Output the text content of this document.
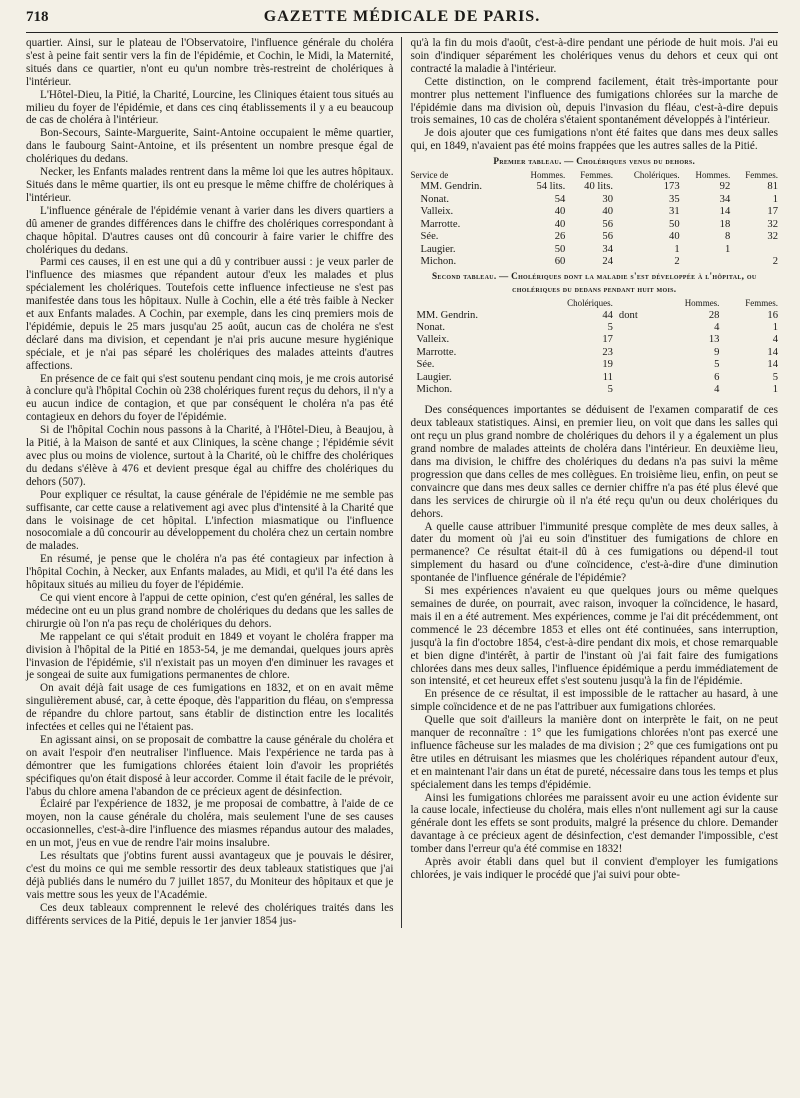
718	GAZETTE MÉDICALE DE PARIS.

quartier. Ainsi, sur le plateau de l'Observatoire, l'influence générale du choléra s'est à peine fait sentir vers la fin de l'épidémie, et Cochin, le Midi, la Maternité, situés dans ce quartier, n'ont eu qu'un nombre très-restreint de cholériques à l'intérieur.

L'Hôtel-Dieu, la Pitié, la Charité, Lourcine, les Cliniques étaient tous situés au milieu du foyer de l'épidémie, et dans ces cinq établissements il y a eu beaucoup de cas de choléra à l'intérieur.

Bon-Secours, Sainte-Marguerite, Saint-Antoine occupaient le même quartier, dans le faubourg Saint-Antoine, et ils présentent un nombre presque égal de cholériques du dedans.

Necker, les Enfants malades rentrent dans la même loi que les autres hôpitaux. Situés dans le même quartier, ils ont eu presque le même chiffre de cholériques à l'intérieur.

L'influence générale de l'épidémie venant à varier dans les divers quartiers a dû amener de grandes différences dans le chiffre des cholériques correspondant à chaque hôpital. D'autres causes ont dû concourir à faire varier le chiffre des cholériques du dedans.

Parmi ces causes, il en est une qui a dû y contribuer aussi : je veux parler de l'influence des miasmes que répandent autour d'eux les malades et plus spécialement les cholériques. Toutefois cette influence infectieuse ne s'est pas manifestée dans tous les hôpitaux. Nulle à Cochin, elle a été très faible à Necker et aux Enfants malades. A Cochin, par exemple, dans les cinq premiers mois de l'épidémie, depuis le 25 mars jusqu'au 25 août, aucun cas de choléra ne s'est déclaré dans ma division, et cependant je n'ai pris aucune mesure hygiénique spéciale, et je n'ai pas séparé les cholériques des malades atteints d'autres affections.

En présence de ce fait qui s'est soutenu pendant cinq mois, je me crois autorisé à conclure qu'à l'hôpital Cochin où 238 cholériques furent reçus du dehors, il n'y a eu aucun indice de contagion, et que par conséquent le choléra n'a pas été contagieux en dehors du foyer de l'épidémie.

Si de l'hôpital Cochin nous passons à la Charité, à l'Hôtel-Dieu, à Beaujou, à la Pitié, à la Maison de santé et aux Cliniques, la scène change ; l'épidémie sévit avec plus ou moins de violence, surtout à la Charité, où le chiffre des cholériques du dedans s'élève à 476 et devient presque égal au chiffre des cholériques du dehors (507).

Pour expliquer ce résultat, la cause générale de l'épidémie ne me semble pas suffisante, car cette cause a relativement agi avec plus d'intensité à la Charité que dans le voisinage de cet hôpital. L'infection miasmatique ou l'influence nosocomiale a dû concourir au développement du choléra chez un certain nombre de malades.

En résumé, je pense que le choléra n'a pas été contagieux par infection à l'hôpital Cochin, à Necker, aux Enfants malades, au Midi, et qu'il l'a été dans les hôpitaux situés au milieu du foyer de l'épidémie.

Ce qui vient encore à l'appui de cette opinion, c'est qu'en général, les salles de médecine ont eu un plus grand nombre de cholériques du dedans que les salles de chirurgie où l'on n'a pas reçu de cholériques du dehors.

Me rappelant ce qui s'était produit en 1849 et voyant le choléra frapper ma division à l'hôpital de la Pitié en 1853-54, je me demandai, quelques jours après l'invasion de l'épidémie, s'il n'existait pas un moyen d'en diminuer les ravages et je songeai de suite aux fumigations permanentes de chlore.

On avait déjà fait usage de ces fumigations en 1832, et on en avait même singulièrement abusé, car, à cette époque, dès l'apparition du fléau, on s'empressa de répandre du chlore partout, sans établir de distinction entre les localités infectées et celles qui ne l'étaient pas.

En agissant ainsi, on se proposait de combattre la cause générale du choléra et on avait l'espoir d'en neutraliser l'influence. Mais l'expérience ne tarda pas à démontrer que les fumigations chlorées étaient loin d'avoir les propriétés spécifiques qu'on était disposé à leur accorder. Comme il était facile de le prévoir, l'abus du chlore amena l'abandon de ce précieux agent de désinfection.

Éclairé par l'expérience de 1832, je me proposai de combattre, à l'aide de ce moyen, non la cause générale du choléra, mais seulement l'une de ses causes occasionnelles, c'est-à-dire l'influence des miasmes répandus autour des malades, en un mot, j'eus en vue de rendre l'air moins insalubre.

Les résultats que j'obtins furent aussi avantageux que je pouvais le désirer, c'est du moins ce qui me semble ressortir des deux tableaux statistiques que j'ai déjà publiés dans le numéro du 7 juillet 1857, du Moniteur des hôpitaux et que je vais mettre sous les yeux de l'Académie.

Ces deux tableaux comprennent le relevé des cholériques traités dans les différents services de la Pitié, depuis le 1er janvier 1854 jus-

qu'à la fin du mois d'août, c'est-à-dire pendant une période de huit mois. J'ai eu soin d'indiquer séparément les cholériques venus du dehors et ceux qui ont contracté la maladie à l'intérieur.

Cette distinction, on le comprend facilement, était très-importante pour montrer plus nettement l'influence des fumigations chlorées sur la marche de l'épidémie dans ma division où, depuis l'invasion du fléau, c'est-à-dire depuis trois semaines, 10 cas de choléra s'étaient spontanément développés à l'intérieur.

Je dois ajouter que ces fumigations n'ont été faites que dans mes deux salles qui, en 1849, n'avaient pas été moins frappées que les autres salles de la Pitié.

Premier tableau. — Cholériques venus du dehors.
Service de	Hommes.	Femmes.	Cholériques.	Hommes.	Femmes.
MM. Gendrin.	54 lits.	40 lits.	173	92	81
Nonat.	54	30	35	34	1
Valleix.	40	40	31	14	17
Marrotte.	40	56	50	18	32
Sée.	26	56	40	8	32
Laugier.	50	34	1	1	
Michon.	60	24	2		2
Second tableau. — Cholériques dont la maladie s'est développée à l'hôpital, ou cholériques du dedans pendant huit mois.
	Cholériques.		Hommes.	Femmes.
MM. Gendrin.	44	dont	28	16
Nonat.	5		4	1
Valleix.	17		13	4
Marrotte.	23		9	14
Sée.	19		5	14
Laugier.	11		6	5
Michon.	5		4	1

Des conséquences importantes se déduisent de l'examen comparatif de ces deux tableaux statistiques. Ainsi, en premier lieu, on voit que dans les salles qui ont reçu un plus grand nombre de cholériques du dehors il y a également un plus grand nombre de malades atteints de choléra dans l'intérieur. En deuxième lieu, dans ma division, le chiffre des cholériques du dedans n'a pas suivi la même progression que dans celles de mes collègues. En troisième lieu, enfin, on peut se convaincre que dans mes deux salles ce dernier chiffre n'a pas été plus élevé que dans les services de chirurgie où il n'a été reçu qu'un ou deux cholériques du dehors.

A quelle cause attribuer l'immunité presque complète de mes deux salles, à dater du moment où j'ai eu soin d'instituer des fumigations de chlore en permanence? Ce résultat était-il dû à ces fumigations ou dépend-il tout simplement du hasard ou d'une coïncidence, c'est-à-dire d'une diminution spontanée de l'influence générale de l'épidémie?

Si mes expériences n'avaient eu que quelques jours ou même quelques semaines de durée, on pourrait, avec raison, invoquer la coïncidence, le hasard, mais il en a été autrement. Mes expériences, comme je l'ai dit précédemment, ont commencé le 23 décembre 1853 et elles ont été continuées, sans interruption, jusqu'à la fin d'octobre 1854, c'est-à-dire pendant dix mois, et chose remarquable et bien digne d'intérêt, à partir de l'instant où j'ai fait faire des fumigations chlorées dans mes deux salles, l'influence épidémique a perdu immédiatement de son intensité, et cet heureux effet s'est soutenu jusqu'à la fin de l'épidémie.

En présence de ce résultat, il est impossible de le rattacher au hasard, à une simple coïncidence et de ne pas l'attribuer aux fumigations chlorées.

Quelle que soit d'ailleurs la manière dont on interprète le fait, on ne peut manquer de reconnaître : 1° que les fumigations chlorées n'ont pas exercé une influence fâcheuse sur les malades de ma division ; 2° que ces fumigations ont pu être utiles en détruisant les miasmes que les cholériques répandent autour d'eux, et en maintenant l'air dans un état de pureté, nécessaire dans tous les temps et plus spécialement dans les temps d'épidémie.

Ainsi les fumigations chlorées me paraissent avoir eu une action évidente sur la cause locale, infectieuse du choléra, mais elles n'ont nullement agi sur la cause générale dont les effets se sont produits, malgré la présence du chlore. Demander davantage à ce précieux agent de désinfection, c'est demander l'impossible, c'est tomber dans l'erreur qu'a été commise en 1832!

Après avoir établi dans quel but il convient d'employer les fumigations chlorées, je vais indiquer le procédé que j'ai suivi pour obte-
